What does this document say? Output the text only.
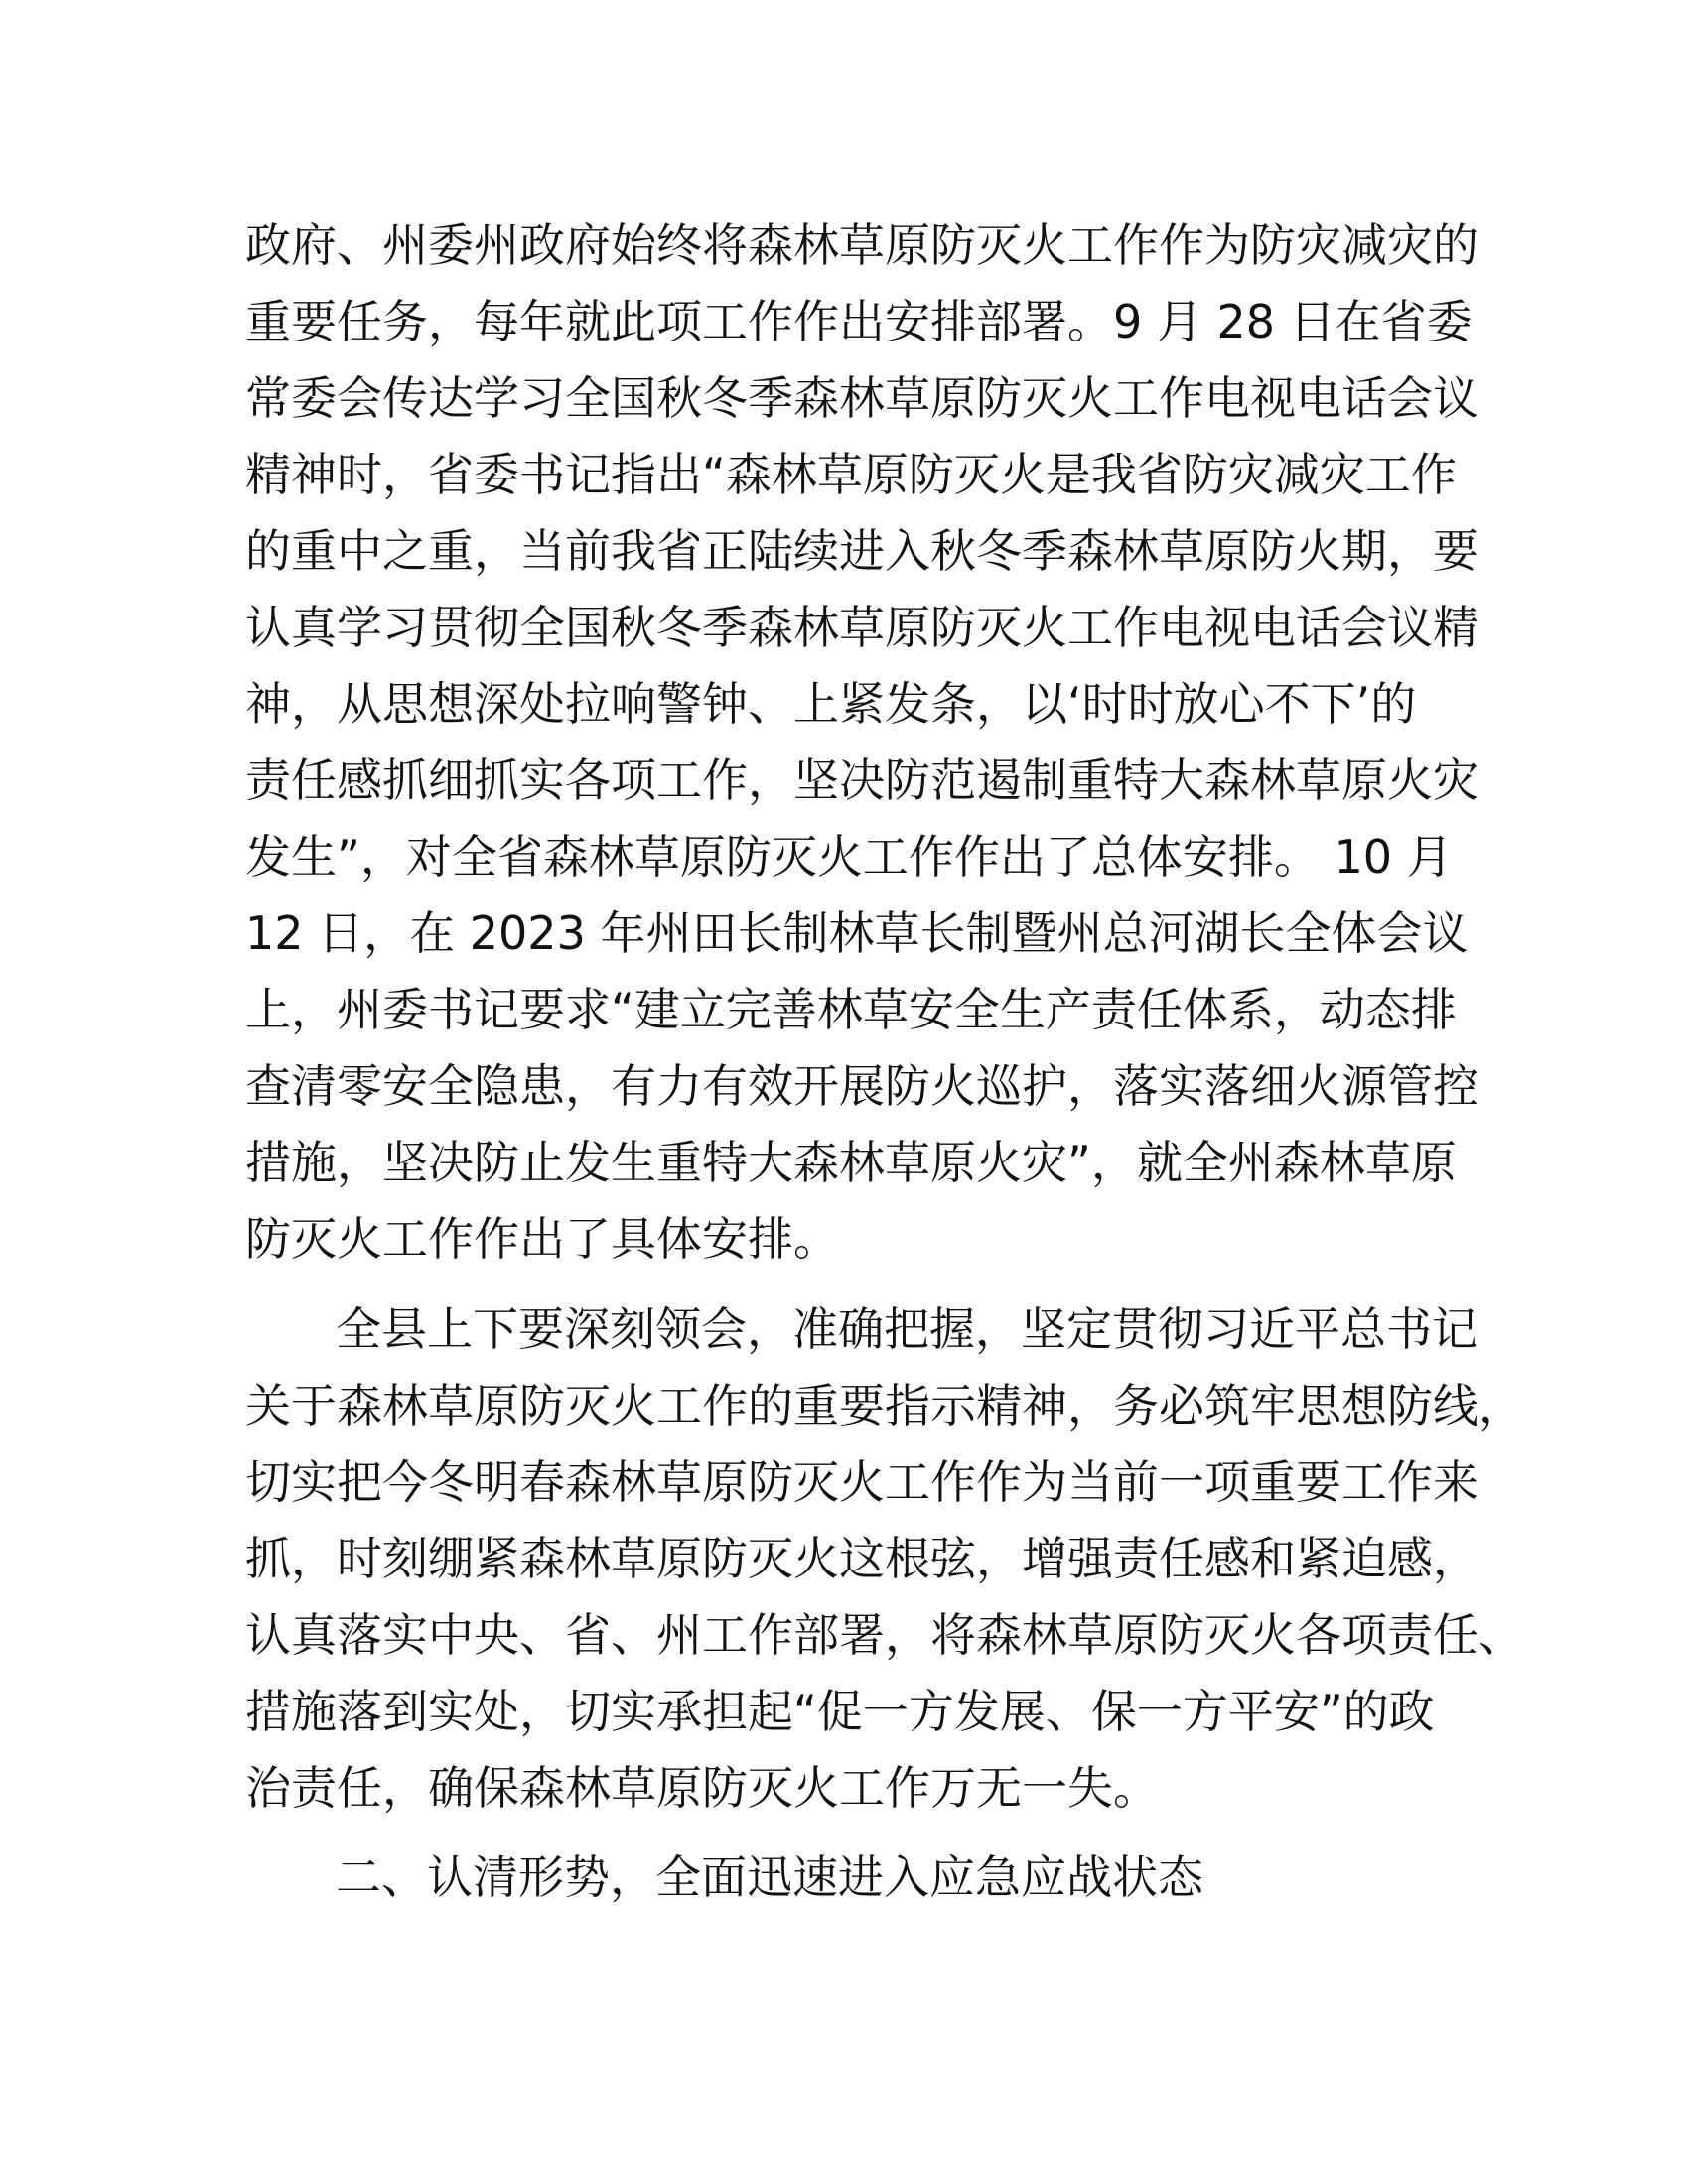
政府、州委州政府始终将森林草原防灭火工作作为防灾减灾的
重要任务，每年就此项工作作出安排部署。9 月 28 日在省委
常委会传达学习全国秋冬季森林草原防灭火工作电视电话会议
精神时，省委书记指出“森林草原防灭火是我省防灾减灾工作
的重中之重，当前我省正陆续进入秋冬季森林草原防火期，要
认真学习贯彻全国秋冬季森林草原防灭火工作电视电话会议精
神，从思想深处拉响警钟、上紧发条，以‘时时放心不下’的
责任感抓细抓实各项工作，坚决防范遏制重特大森林草原火灾
发生”，对全省森林草原防灭火工作作出了总体安排。 10 月
12 日，在 2023 年州田长制林草长制暨州总河湖长全体会议
上，州委书记要求“建立完善林草安全生产责任体系，动态排
查清零安全隐患，有力有效开展防火巡护，落实落细火源管控
措施，坚决防止发生重特大森林草原火灾”，就全州森林草原
防灭火工作作出了具体安排。
全县上下要深刻领会，准确把握，坚定贯彻习近平总书记
关于森林草原防灭火工作的重要指示精神，务必筑牢思想防线，
切实把今冬明春森林草原防灭火工作作为当前一项重要工作来
抓，时刻绷紧森林草原防灭火这根弦，增强责任感和紧迫感，
认真落实中央、省、州工作部署，将森林草原防灭火各项责任、
措施落到实处，切实承担起“促一方发展、保一方平安”的政
治责任，确保森林草原防灭火工作万无一失。
二、认清形势，全面迅速进入应急应战状态
